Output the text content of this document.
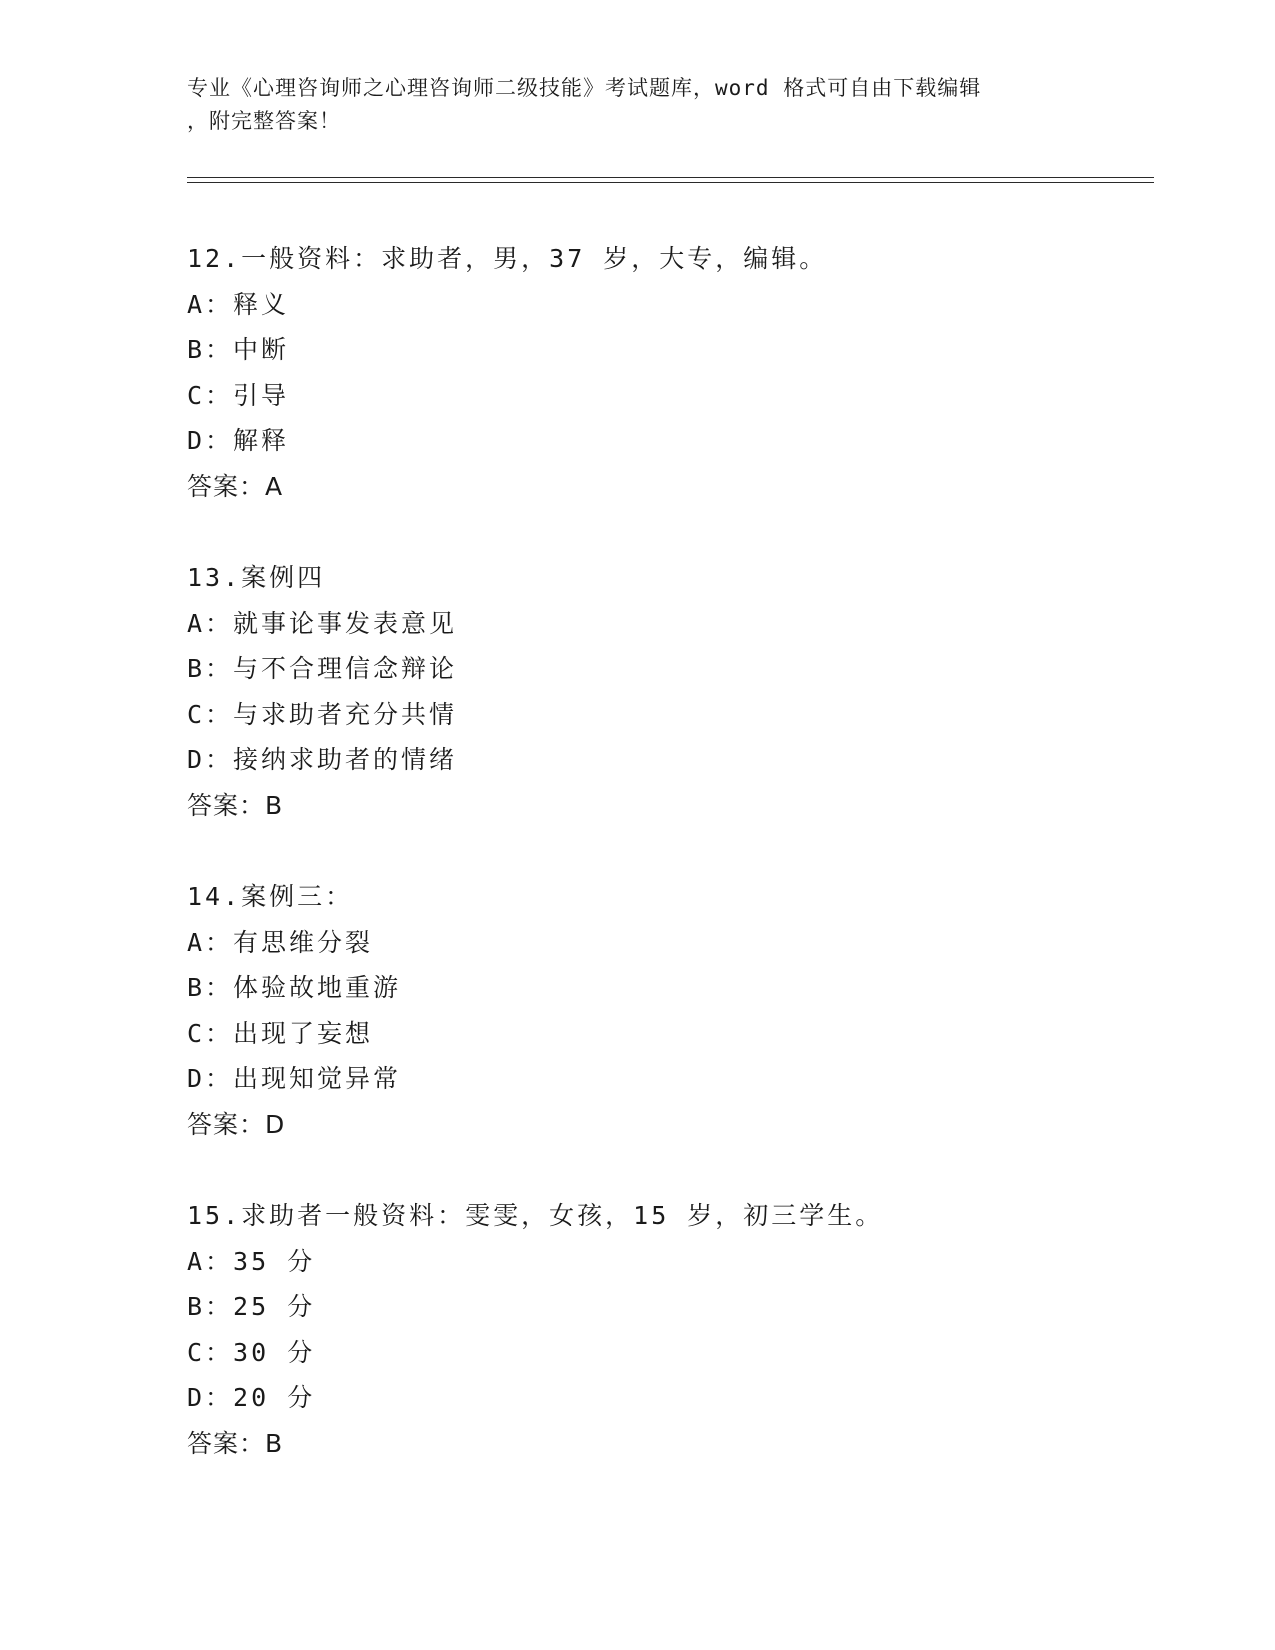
专业《心理咨询师之心理咨询师二级技能》考试题库，word 格式可自由下载编辑
，附完整答案！
12.一般资料：求助者，男，37 岁，大专，编辑。
A：释义
B：中断
C：引导
D：解释
答案：A
13.案例四
A：就事论事发表意见
B：与不合理信念辩论
C：与求助者充分共情
D：接纳求助者的情绪
答案：B
14.案例三：
A：有思维分裂
B：体验故地重游
C：出现了妄想
D：出现知觉异常
答案：D
15.求助者一般资料：雯雯，女孩，15 岁，初三学生。
A：35 分
B：25 分
C：30 分
D：20 分
答案：B
